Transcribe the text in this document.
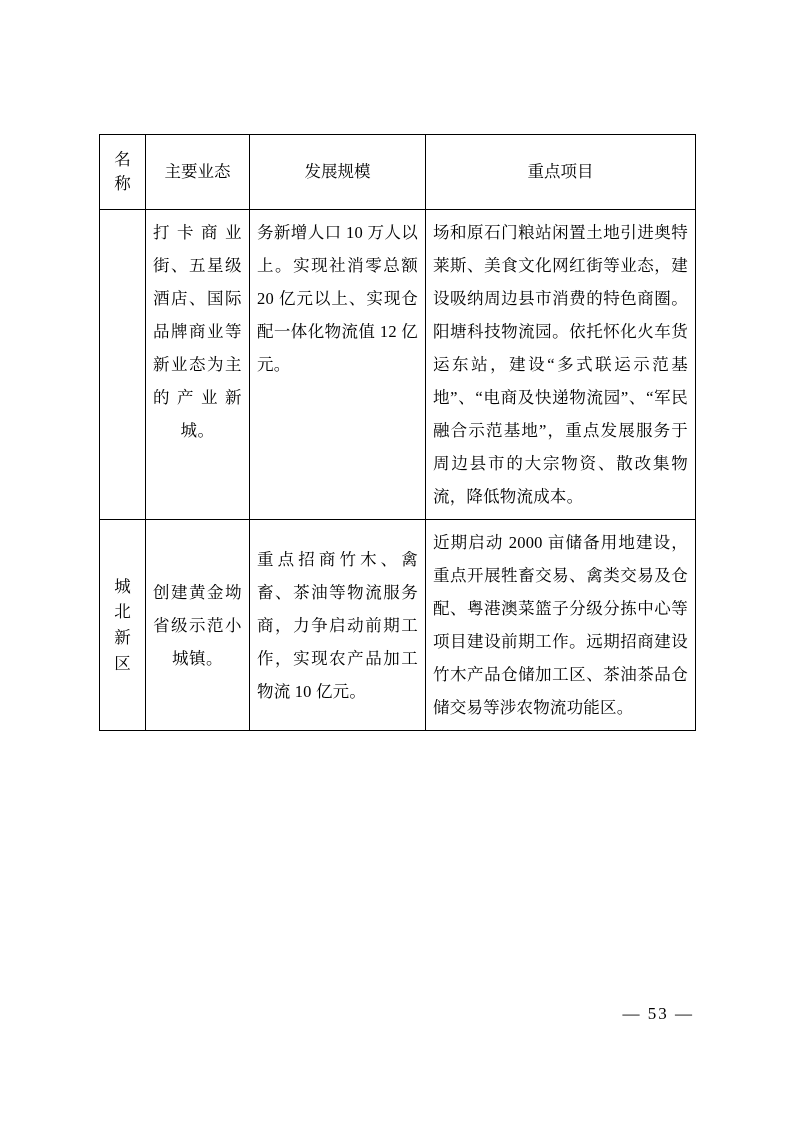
名称	主要业态	发展规模	重点项目

	打卡商业街、五星级酒店、国际品牌商业等新业态为主的产业新城。	务新增人口 10 万人以上。实现社消零总额 20 亿元以上、实现仓配一体化物流值 12 亿元。	场和原石门粮站闲置土地引进奥特莱斯、美食文化网红街等业态，建设吸纳周边县市消费的特色商圈。阳塘科技物流园。依托怀化火车货运东站，建设“多式联运示范基地”、“电商及快递物流园”、“军民融合示范基地”，重点发展服务于周边县市的大宗物资、散改集物流，降低物流成本。

城北新区	创建黄金坳省级示范小城镇。	重点招商竹木、禽畜、茶油等物流服务商，力争启动前期工作，实现农产品加工物流 10 亿元。	近期启动 2000 亩储备用地建设，重点开展牲畜交易、禽类交易及仓配、粤港澳菜篮子分级分拣中心等项目建设前期工作。远期招商建设竹木产品仓储加工区、茶油茶品仓储交易等涉农物流功能区。
— 53 —
